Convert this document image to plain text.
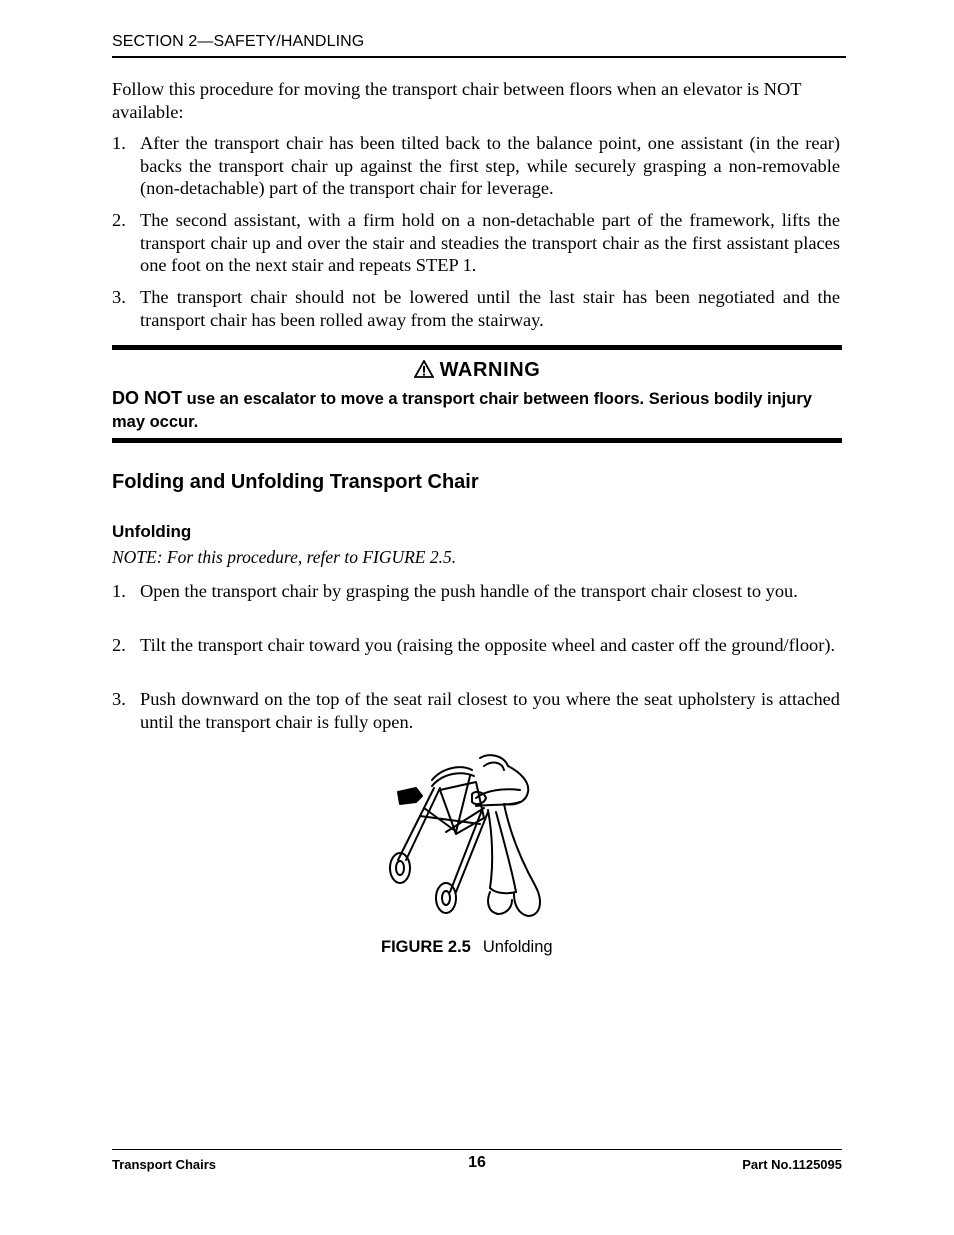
SECTION 2—SAFETY/HANDLING
Follow this procedure for moving the transport chair between floors when an elevator is NOT available:
1. After the transport chair has been tilted back to the balance point, one assistant (in the rear) backs the transport chair up against the first step, while securely grasping a non-removable (non-detachable) part of the transport chair for leverage.
2. The second assistant, with a firm hold on a non-detachable part of the framework, lifts the transport chair up and over the stair and steadies the transport chair as the first assistant places one foot on the next stair and repeats STEP 1.
3. The transport chair should not be lowered until the last stair has been negotiated and the transport chair has been rolled away from the stairway.
WARNING
DO NOT use an escalator to move a transport chair between floors. Serious bodily injury may occur.
Folding and Unfolding Transport Chair
Unfolding
NOTE: For this procedure, refer to FIGURE 2.5.
1. Open the transport chair by grasping the push handle of the transport chair closest to you.
2. Tilt the transport chair toward you (raising the opposite wheel and caster off the ground/floor).
3. Push downward on the top of the seat rail closest to you where the seat upholstery is attached until the transport chair is fully open.
FIGURE 2.5 Unfolding
Transport Chairs	16	Part No.1125095
